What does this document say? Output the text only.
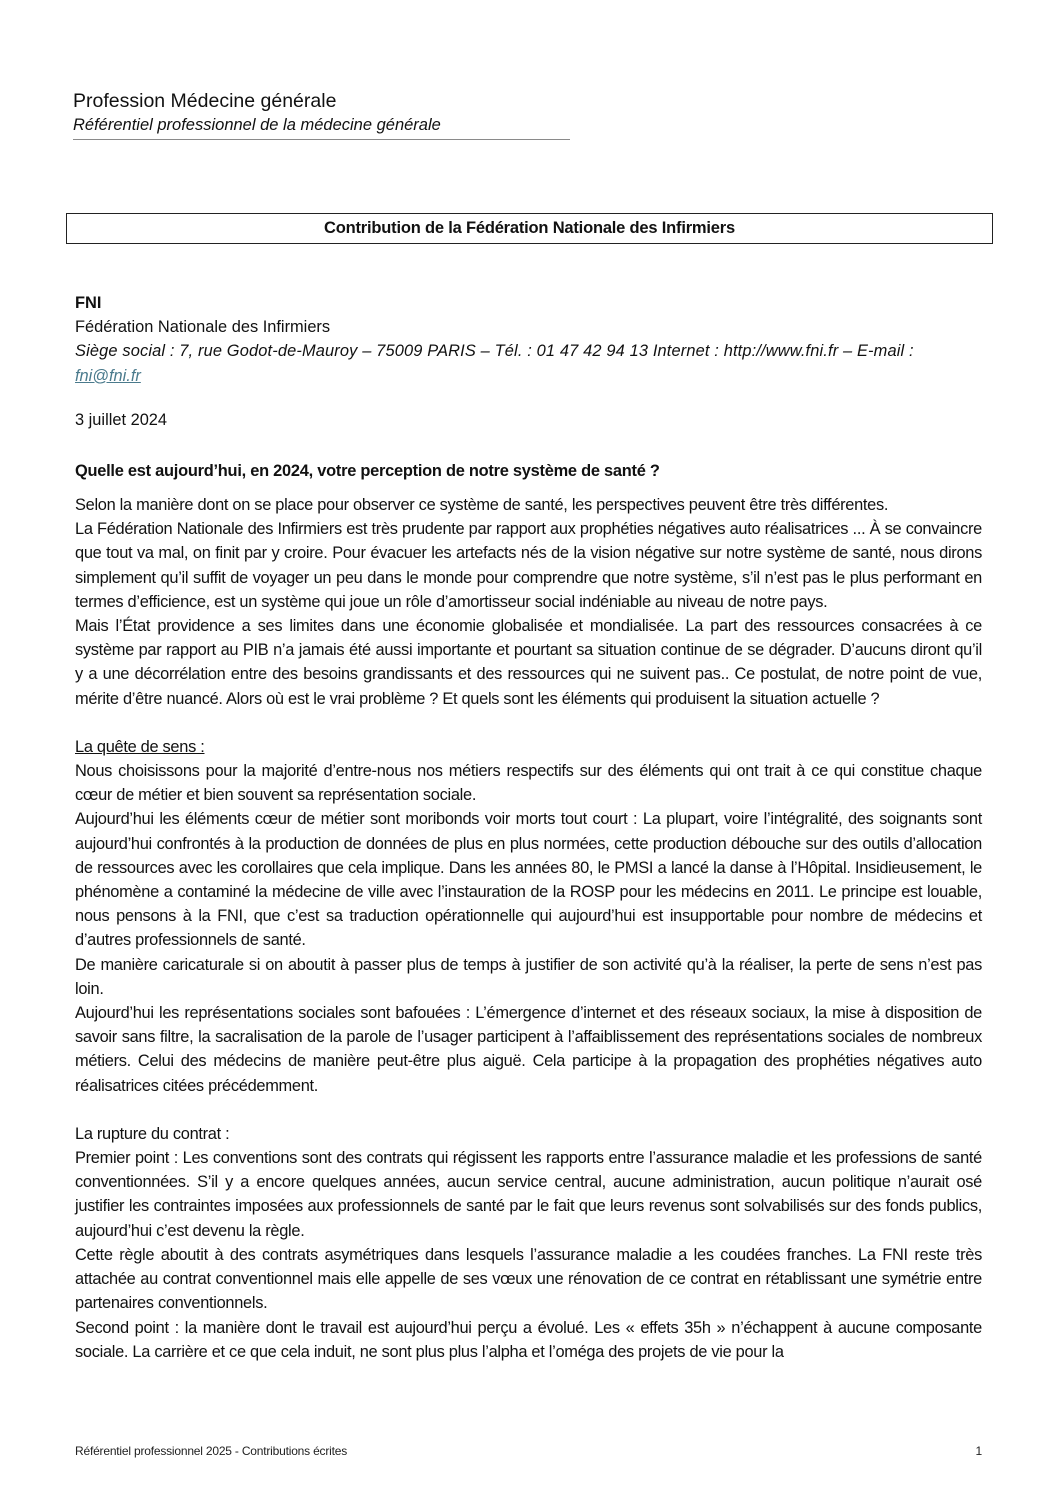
Profession Médecine générale
Référentiel professionnel de la médecine générale
Contribution de la Fédération Nationale des Infirmiers
FNI
Fédération Nationale des Infirmiers
Siège social : 7, rue Godot-de-Mauroy – 75009 PARIS – Tél. : 01 47 42 94 13 Internet : http://www.fni.fr – E-mail :
fni@fni.fr
3 juillet 2024
Quelle est aujourd’hui, en 2024, votre perception de notre système de santé ?

Selon la manière dont on se place pour observer ce système de santé, les perspectives peuvent être très différentes.

La Fédération Nationale des Infirmiers est très prudente par rapport aux prophéties négatives auto réalisatrices ... À se convaincre que tout va mal, on finit par y croire. Pour évacuer les artefacts nés de la vision négative sur notre système de santé, nous dirons simplement qu’il suffit de voyager un peu dans le monde pour comprendre que notre système, s’il n’est pas le plus performant en termes d’efficience, est un système qui joue un rôle d’amortisseur social indéniable au niveau de notre pays.

Mais l’État providence a ses limites dans une économie globalisée et mondialisée. La part des ressources consacrées à ce système par rapport au PIB n’a jamais été aussi importante et pourtant sa situation continue de se dégrader. D’aucuns diront qu’il y a une décorrélation entre des besoins grandissants et des ressources qui ne suivent pas.. Ce postulat, de notre point de vue, mérite d’être nuancé. Alors où est le vrai problème ? Et quels sont les éléments qui produisent la situation actuelle ?

La quête de sens :

Nous choisissons pour la majorité d’entre-nous nos métiers respectifs sur des éléments qui ont trait à ce qui constitue chaque cœur de métier et bien souvent sa représentation sociale.

Aujourd’hui les éléments cœur de métier sont moribonds voir morts tout court : La plupart, voire l’intégralité, des soignants sont aujourd’hui confrontés à la production de données de plus en plus normées, cette production débouche sur des outils d’allocation de ressources avec les corollaires que cela implique. Dans les années 80, le PMSI a lancé la danse à l’Hôpital. Insidieusement, le phénomène a contaminé la médecine de ville avec l’instauration de la ROSP pour les médecins en 2011. Le principe est louable, nous pensons à la FNI, que c’est sa traduction opérationnelle qui aujourd’hui est insupportable pour nombre de médecins et d’autres professionnels de santé.

De manière caricaturale si on aboutit à passer plus de temps à justifier de son activité qu’à la réaliser, la perte de sens n’est pas loin.

Aujourd’hui les représentations sociales sont bafouées : L’émergence d’internet et des réseaux sociaux, la mise à disposition de savoir sans filtre, la sacralisation de la parole de l’usager participent à l’affaiblissement des représentations sociales de nombreux métiers. Celui des médecins de manière peut-être plus aiguë. Cela participe à la propagation des prophéties négatives auto réalisatrices citées précédemment.

La rupture du contrat :

Premier point : Les conventions sont des contrats qui régissent les rapports entre l’assurance maladie et les professions de santé conventionnées. S’il y a encore quelques années, aucun service central, aucune administration, aucun politique n’aurait osé justifier les contraintes imposées aux professionnels de santé par le fait que leurs revenus sont solvabilisés sur des fonds publics, aujourd’hui c’est devenu la règle.

Cette règle aboutit à des contrats asymétriques dans lesquels l’assurance maladie a les coudées franches. La FNI reste très attachée au contrat conventionnel mais elle appelle de ses vœux une rénovation de ce contrat en rétablissant une symétrie entre partenaires conventionnels.

Second point : la manière dont le travail est aujourd’hui perçu a évolué. Les « effets 35h » n’échappent à aucune composante sociale. La carrière et ce que cela induit, ne sont plus plus l’alpha et l’oméga des projets de vie pour la

Référentiel professionnel 2025 - Contributions écrites	1
